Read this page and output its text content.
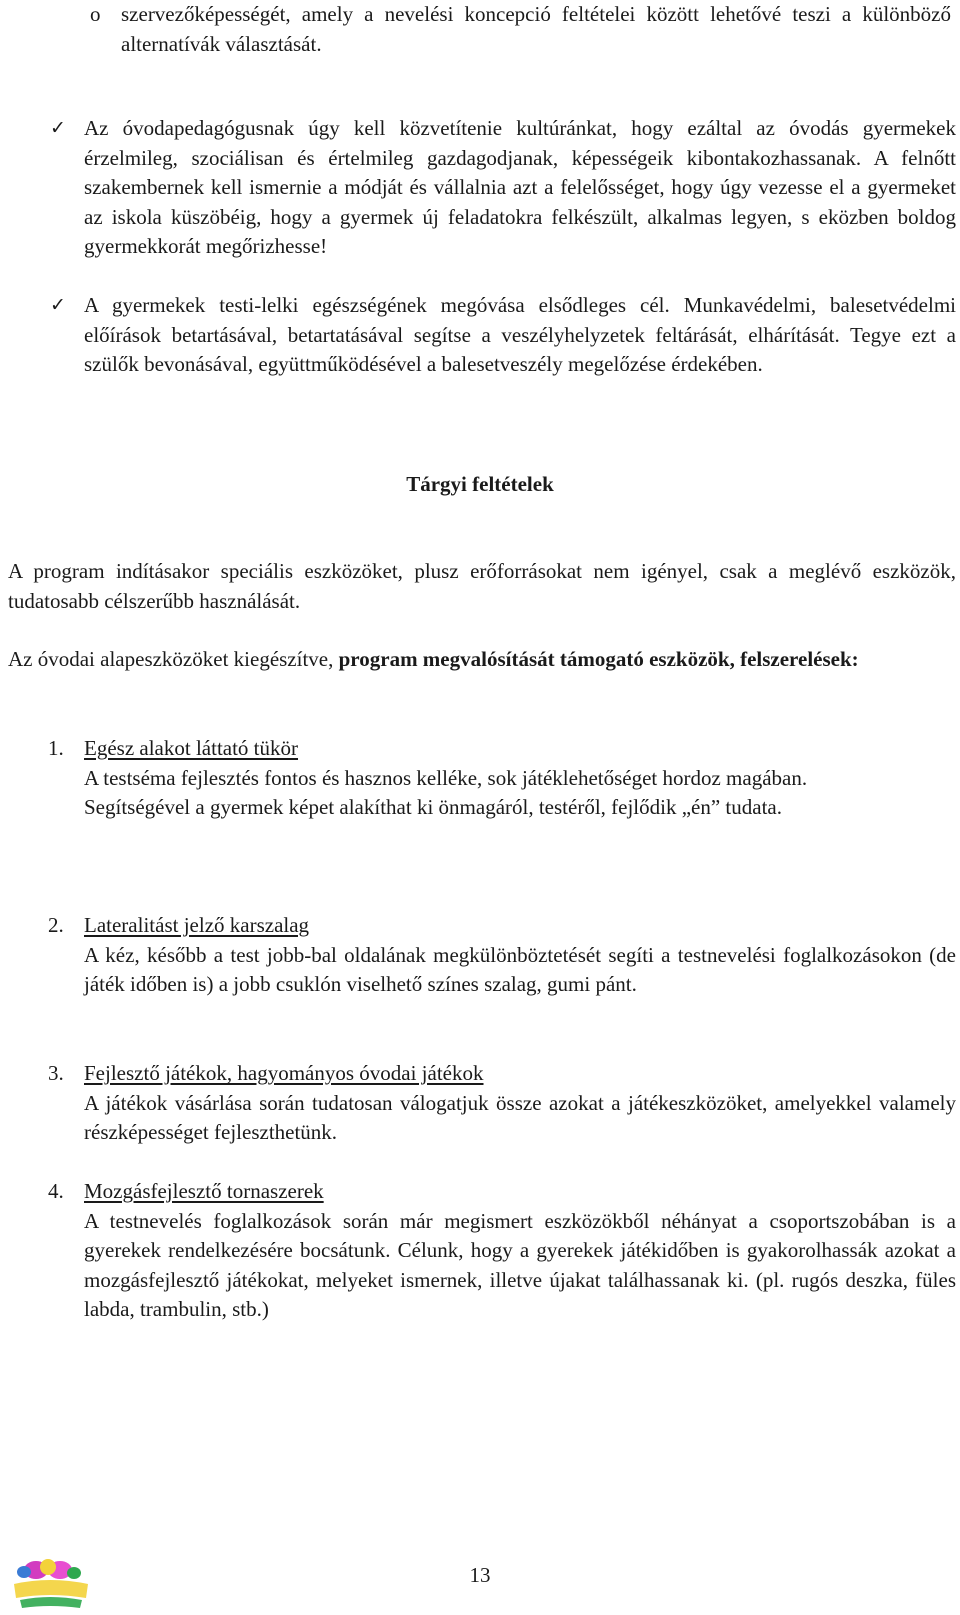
o szervezőképességét, amely a nevelési koncepció feltételei között lehetővé teszi a különböző alternatívák választását.
✓ Az óvodapedagógusnak úgy kell közvetítenie kultúránkat, hogy ezáltal az óvodás gyermekek érzelmileg, szociálisan és értelmileg gazdagodjanak, képességeik kibontakozhassanak. A felnőtt szakembernek kell ismernie a módját és vállalnia azt a felelősséget, hogy úgy vezesse el a gyermeket az iskola küszöbéig, hogy a gyermek új feladatokra felkészült, alkalmas legyen, s eközben boldog gyermekkorát megőrizhesse!
✓ A gyermekek testi-lelki egészségének megóvása elsődleges cél. Munkavédelmi, balesetvédelmi előírások betartásával, betartatásával segítse a veszélyhelyzetek feltárását, elhárítását. Tegye ezt a szülők bevonásával, együttműködésével a balesetveszély megelőzése érdekében.
Tárgyi feltételek
A program indításakor speciális eszközöket, plusz erőforrásokat nem igényel, csak a meglévő eszközök, tudatosabb célszerűbb használását.
Az óvodai alapeszközöket kiegészítve, program megvalósítását támogató eszközök, felszerelések:
1. Egész alakot láttató tükör
A testséma fejlesztés fontos és hasznos kelléke, sok játéklehetőséget hordoz magában.
Segítségével a gyermek képet alakíthat ki önmagáról, testéről, fejlődik „én” tudata.
2. Lateralitást jelző karszalag
A kéz, később a test jobb-bal oldalának megkülönböztetését segíti a testnevelési foglalkozásokon (de játék időben is) a jobb csuklón viselhető színes szalag, gumi pánt.
3. Fejlesztő játékok, hagyományos óvodai játékok
A játékok vásárlása során tudatosan válogatjuk össze azokat a játékeszközöket, amelyekkel valamely részképességet fejleszthetünk.
4. Mozgásfejlesztő tornaszerek
A testnevelés foglalkozások során már megismert eszközökből néhányat a csoportszobában is a gyerekek rendelkezésére bocsátunk. Célunk, hogy a gyerekek játékidőben is gyakorolhassák azokat a mozgásfejlesztő játékokat, melyeket ismernek, illetve újakat találhassanak ki. (pl. rugós deszka, füles labda, trambulin, stb.)
13
